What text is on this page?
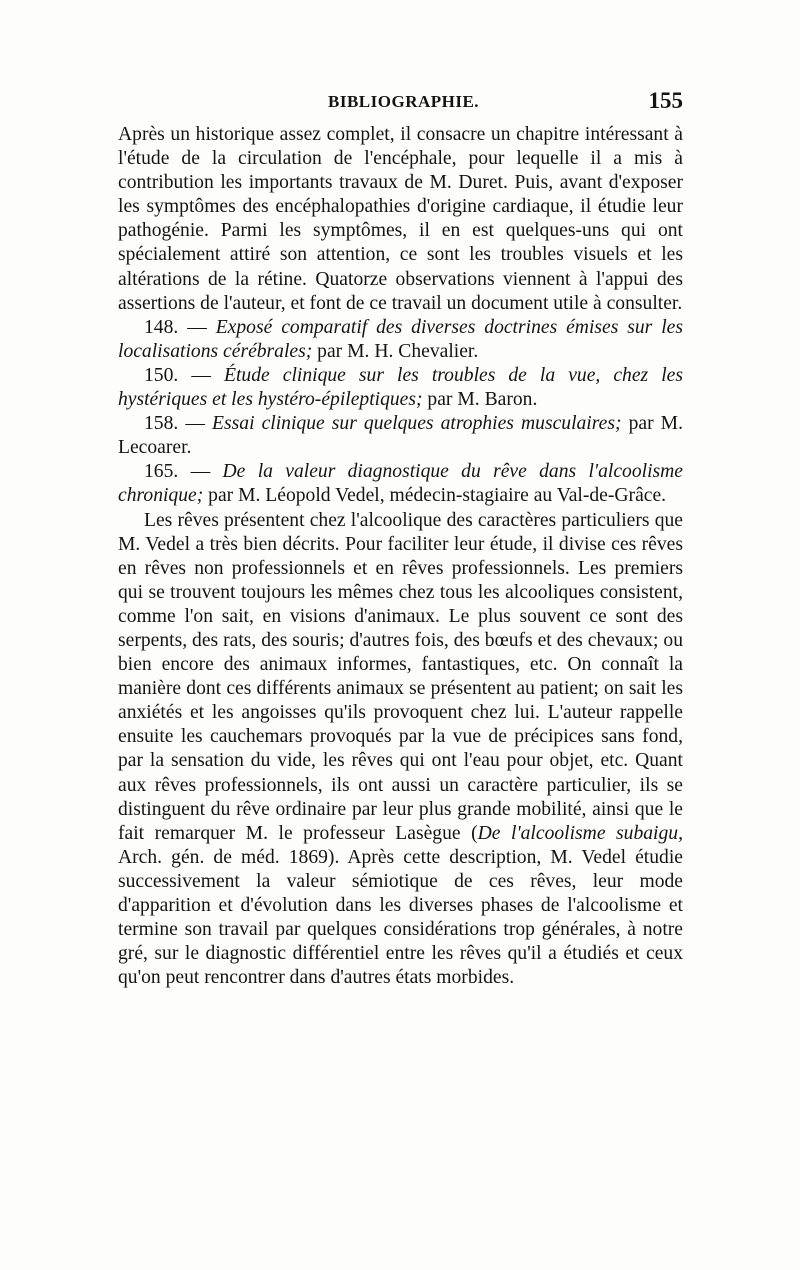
BIBLIOGRAPHIE.	155

Après un historique assez complet, il consacre un chapitre intéressant à l'étude de la circulation de l'encéphale, pour lequelle il a mis à contribution les importants travaux de M. Duret. Puis, avant d'exposer les symptômes des encéphalopathies d'origine cardiaque, il étudie leur pathogénie. Parmi les symptômes, il en est quelques-uns qui ont spécialement attiré son attention, ce sont les troubles visuels et les altérations de la rétine. Quatorze observations viennent à l'appui des assertions de l'auteur, et font de ce travail un document utile à consulter.

148. — Exposé comparatif des diverses doctrines émises sur les localisations cérébrales; par M. H. Chevalier.

150. — Étude clinique sur les troubles de la vue, chez les hystériques et les hystéro-épileptiques; par M. Baron.

158. — Essai clinique sur quelques atrophies musculaires; par M. Lecoarer.

165. — De la valeur diagnostique du rêve dans l'alcoolisme chronique; par M. Léopold Vedel, médecin-stagiaire au Val-de-Grâce.

Les rêves présentent chez l'alcoolique des caractères particuliers que M. Vedel a très bien décrits. Pour faciliter leur étude, il divise ces rêves en rêves non professionnels et en rêves professionnels. Les premiers qui se trouvent toujours les mêmes chez tous les alcooliques consistent, comme l'on sait, en visions d'animaux. Le plus souvent ce sont des serpents, des rats, des souris; d'autres fois, des bœufs et des chevaux; ou bien encore des animaux informes, fantastiques, etc. On connaît la manière dont ces différents animaux se présentent au patient; on sait les anxiétés et les angoisses qu'ils provoquent chez lui. L'auteur rappelle ensuite les cauchemars provoqués par la vue de précipices sans fond, par la sensation du vide, les rêves qui ont l'eau pour objet, etc. Quant aux rêves professionnels, ils ont aussi un caractère particulier, ils se distinguent du rêve ordinaire par leur plus grande mobilité, ainsi que le fait remarquer M. le professeur Lasègue (De l'alcoolisme subaigu, Arch. gén. de méd. 1869). Après cette description, M. Vedel étudie successivement la valeur sémiotique de ces rêves, leur mode d'apparition et d'évolution dans les diverses phases de l'alcoolisme et termine son travail par quelques considérations trop générales, à notre gré, sur le diagnostic différentiel entre les rêves qu'il a étudiés et ceux qu'on peut rencontrer dans d'autres états morbides.
